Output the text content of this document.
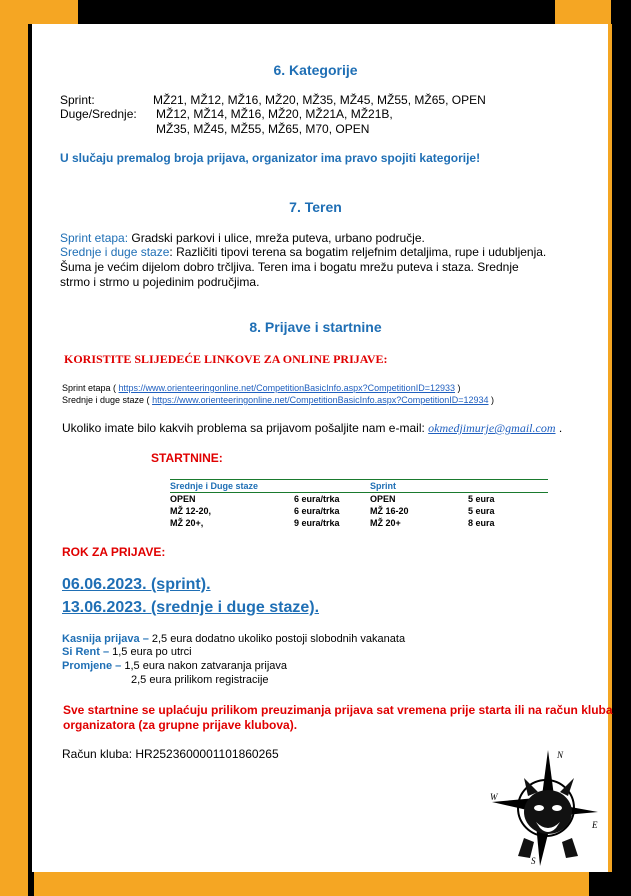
6. Kategorije
Sprint:	MŽ21, MŽ12, MŽ16, MŽ20, MŽ35, MŽ45, MŽ55, MŽ65, OPEN
Duge/Srednje: MŽ12, MŽ14, MŽ16, MŽ20, MŽ21A, MŽ21B,
MŽ35, MŽ45, MŽ55, MŽ65, M70, OPEN
U slučaju premalog broja prijava, organizator ima pravo spojiti kategorije!
7. Teren
Sprint etapa: Gradski parkovi i ulice, mreža puteva, urbano područje.
Srednje i duge staze: Različiti tipovi terena sa bogatim reljefnim detaljima, rupe i udubljenja.
Šuma je većim dijelom dobro trčljiva. Teren ima i bogatu mrežu puteva i staza. Srednje
strmo i strmo u pojedinim područjima.
8. Prijave i startnine
KORISTITE SLIJEDEĆE LINKOVE ZA ONLINE PRIJAVE:
Sprint etapa ( https://www.orienteeringonline.net/CompetitionBasicInfo.aspx?CompetitionID=12933 )
Srednje i duge staze ( https://www.orienteeringonline.net/CompetitionBasicInfo.aspx?CompetitionID=12934 )
Ukoliko imate bilo kakvih problema sa prijavom pošaljite nam e-mail: okmedjimurje@gmail.com .
STARTNINE:
Srednje i Duge staze		Sprint	
OPEN	6 eura/trka	OPEN	5 eura
MŽ 12-20,	6 eura/trka	MŽ 16-20	5 eura
MŽ 20+,	9 eura/trka	MŽ 20+	8 eura
ROK ZA PRIJAVE:
06.06.2023. (sprint).
13.06.2023. (srednje i duge staze).
Kasnija prijava – 2,5 eura dodatno ukoliko postoji slobodnih vakanata
Si Rent – 1,5 eura po utrci
Promjene – 1,5 eura nakon zatvaranja prijava
2,5 eura prilikom registracije
Sve startnine se uplaćuju prilikom preuzimanja prijava sat vremena prije starta ili na račun kluba
organizatora (za grupne prijave klubova).
Račun kluba: HR2523600001101860265	N
E
S
W
